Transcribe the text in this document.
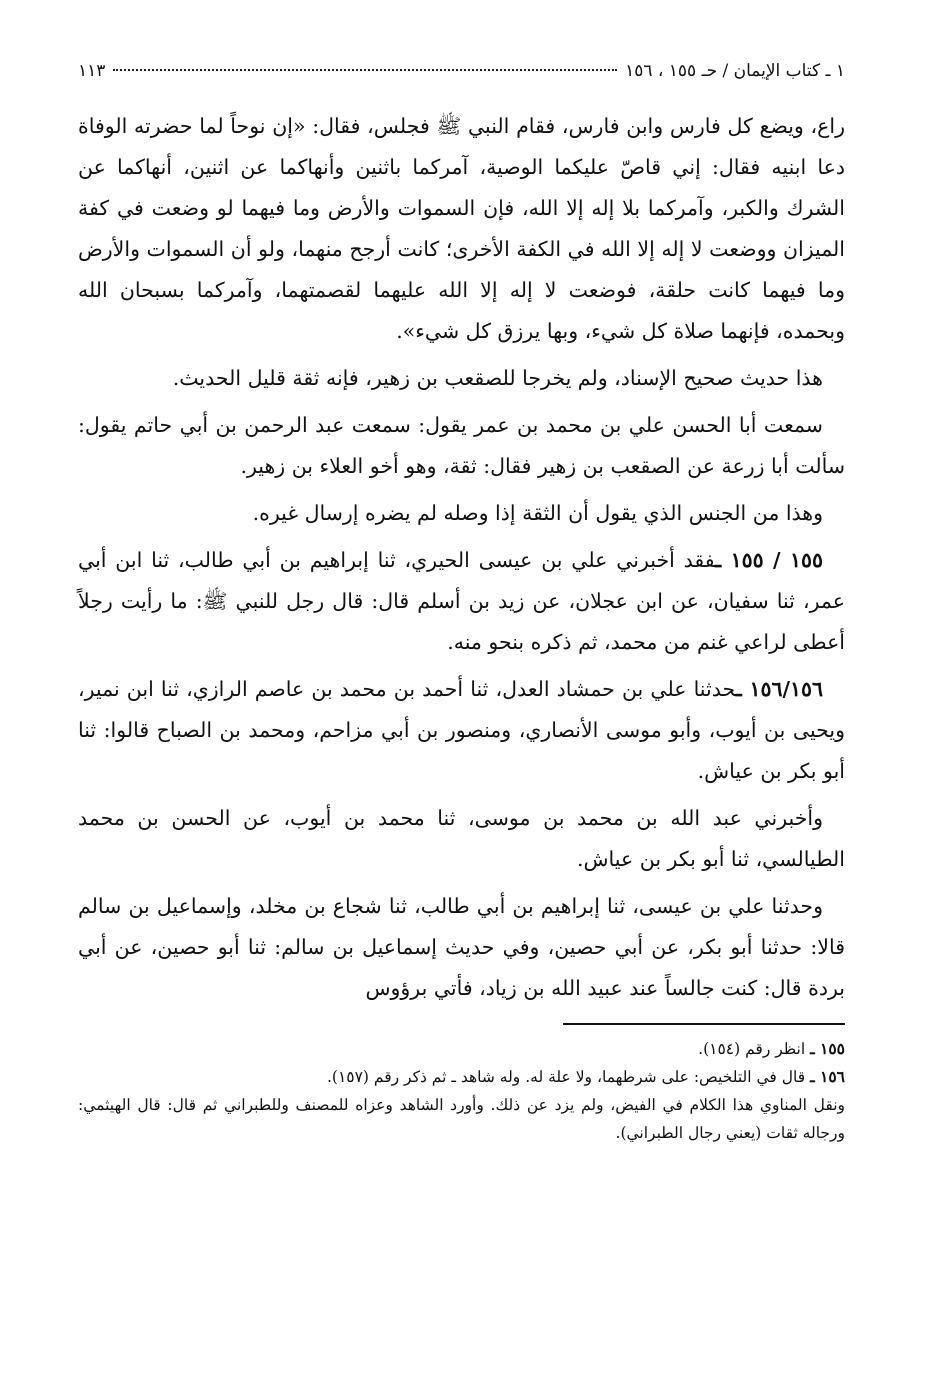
١ ـ كتاب الإيمان / حـ ١٥٥ ، ١٥٦
١١٣

راع، ويضع كل فارس وابن فارس، فقام النبي ﷺ فجلس، فقال: «إن نوحاً لما حضرته الوفاة دعا ابنيه فقال: إني قاصّ عليكما الوصية، آمركما باثنين وأنهاكما عن اثنين، أنهاكما عن الشرك والكبر، وآمركما بلا إله إلا الله، فإن السموات والأرض وما فيهما لو وضعت في كفة الميزان ووضعت لا إله إلا الله في الكفة الأخرى؛ كانت أرجح منهما، ولو أن السموات والأرض وما فيهما كانت حلقة، فوضعت لا إله إلا الله عليهما لقصمتهما، وآمركما بسبحان الله وبحمده، فإنهما صلاة كل شيء، وبها يرزق كل شيء».

هذا حديث صحيح الإسناد، ولم يخرجا للصقعب بن زهير، فإنه ثقة قليل الحديث.

سمعت أبا الحسن علي بن محمد بن عمر يقول: سمعت عبد الرحمن بن أبي حاتم يقول: سألت أبا زرعة عن الصقعب بن زهير فقال: ثقة، وهو أخو العلاء بن زهير.

وهذا من الجنس الذي يقول أن الثقة إذا وصله لم يضره إرسال غيره.

١٥٥ / ١٥٥ ـفقد أخبرني علي بن عيسى الحيري، ثنا إبراهيم بن أبي طالب، ثنا ابن أبي عمر، ثنا سفيان، عن ابن عجلان، عن زيد بن أسلم قال: قال رجل للنبي ﷺ: ما رأيت رجلاً أعطى لراعي غنم من محمد، ثم ذكره بنحو منه.

١٥٦/١٥٦ ـحدثنا علي بن حمشاد العدل، ثنا أحمد بن محمد بن عاصم الرازي، ثنا ابن نمير، ويحيى بن أيوب، وأبو موسى الأنصاري، ومنصور بن أبي مزاحم، ومحمد بن الصباح قالوا: ثنا أبو بكر بن عياش.

وأخبرني عبد الله بن محمد بن موسى، ثنا محمد بن أيوب، عن الحسن بن محمد الطيالسي، ثنا أبو بكر بن عياش.

وحدثنا علي بن عيسى، ثنا إبراهيم بن أبي طالب، ثنا شجاع بن مخلد، وإسماعيل بن سالم قالا: حدثنا أبو بكر، عن أبي حصين، وفي حديث إسماعيل بن سالم: ثنا أبو حصين، عن أبي بردة قال: كنت جالساً عند عبيد الله بن زياد، فأتي برؤوس

١٥٥ ـ انظر رقم (١٥٤).

١٥٦ ـ قال في التلخيص: على شرطهما، ولا علة له. وله شاهد ـ ثم ذكر رقم (١٥٧).

ونقل المناوي هذا الكلام في الفيض، ولم يزد عن ذلك. وأورد الشاهد وعزاه للمصنف وللطبراني ثم قال: قال الهيثمي: ورجاله ثقات (يعني رجال الطبراني).
